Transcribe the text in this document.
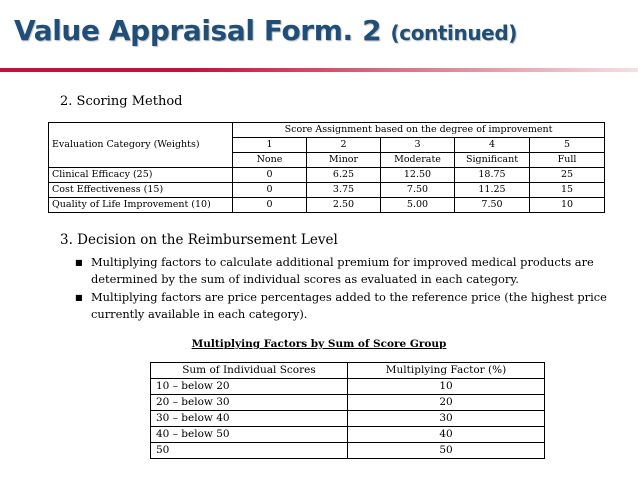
Value Appraisal Form. 2 (continued)
2. Scoring Method
Evaluation Category (Weights)	Score Assignment based on the degree of improvement				
	1	2	3	4	5
	None	Minor	Moderate	Significant	Full
Clinical Efficacy (25)	0	6.25	12.50	18.75	25
Cost Effectiveness (15)	0	3.75	7.50	11.25	15
Quality of Life Improvement (10)	0	2.50	5.00	7.50	10
3. Decision on the Reimbursement Level
■ Multiplying factors to calculate additional premium for improved medical products are determined by the sum of individual scores as evaluated in each category.
■ Multiplying factors are price percentages added to the reference price (the highest price currently available in each category).
Multiplying Factors by Sum of Score Group
Sum of Individual Scores	Multiplying Factor (%)
10 – below 20	10
20 – below 30	20
30 – below 40	30
40 – below 50	40
50	50
